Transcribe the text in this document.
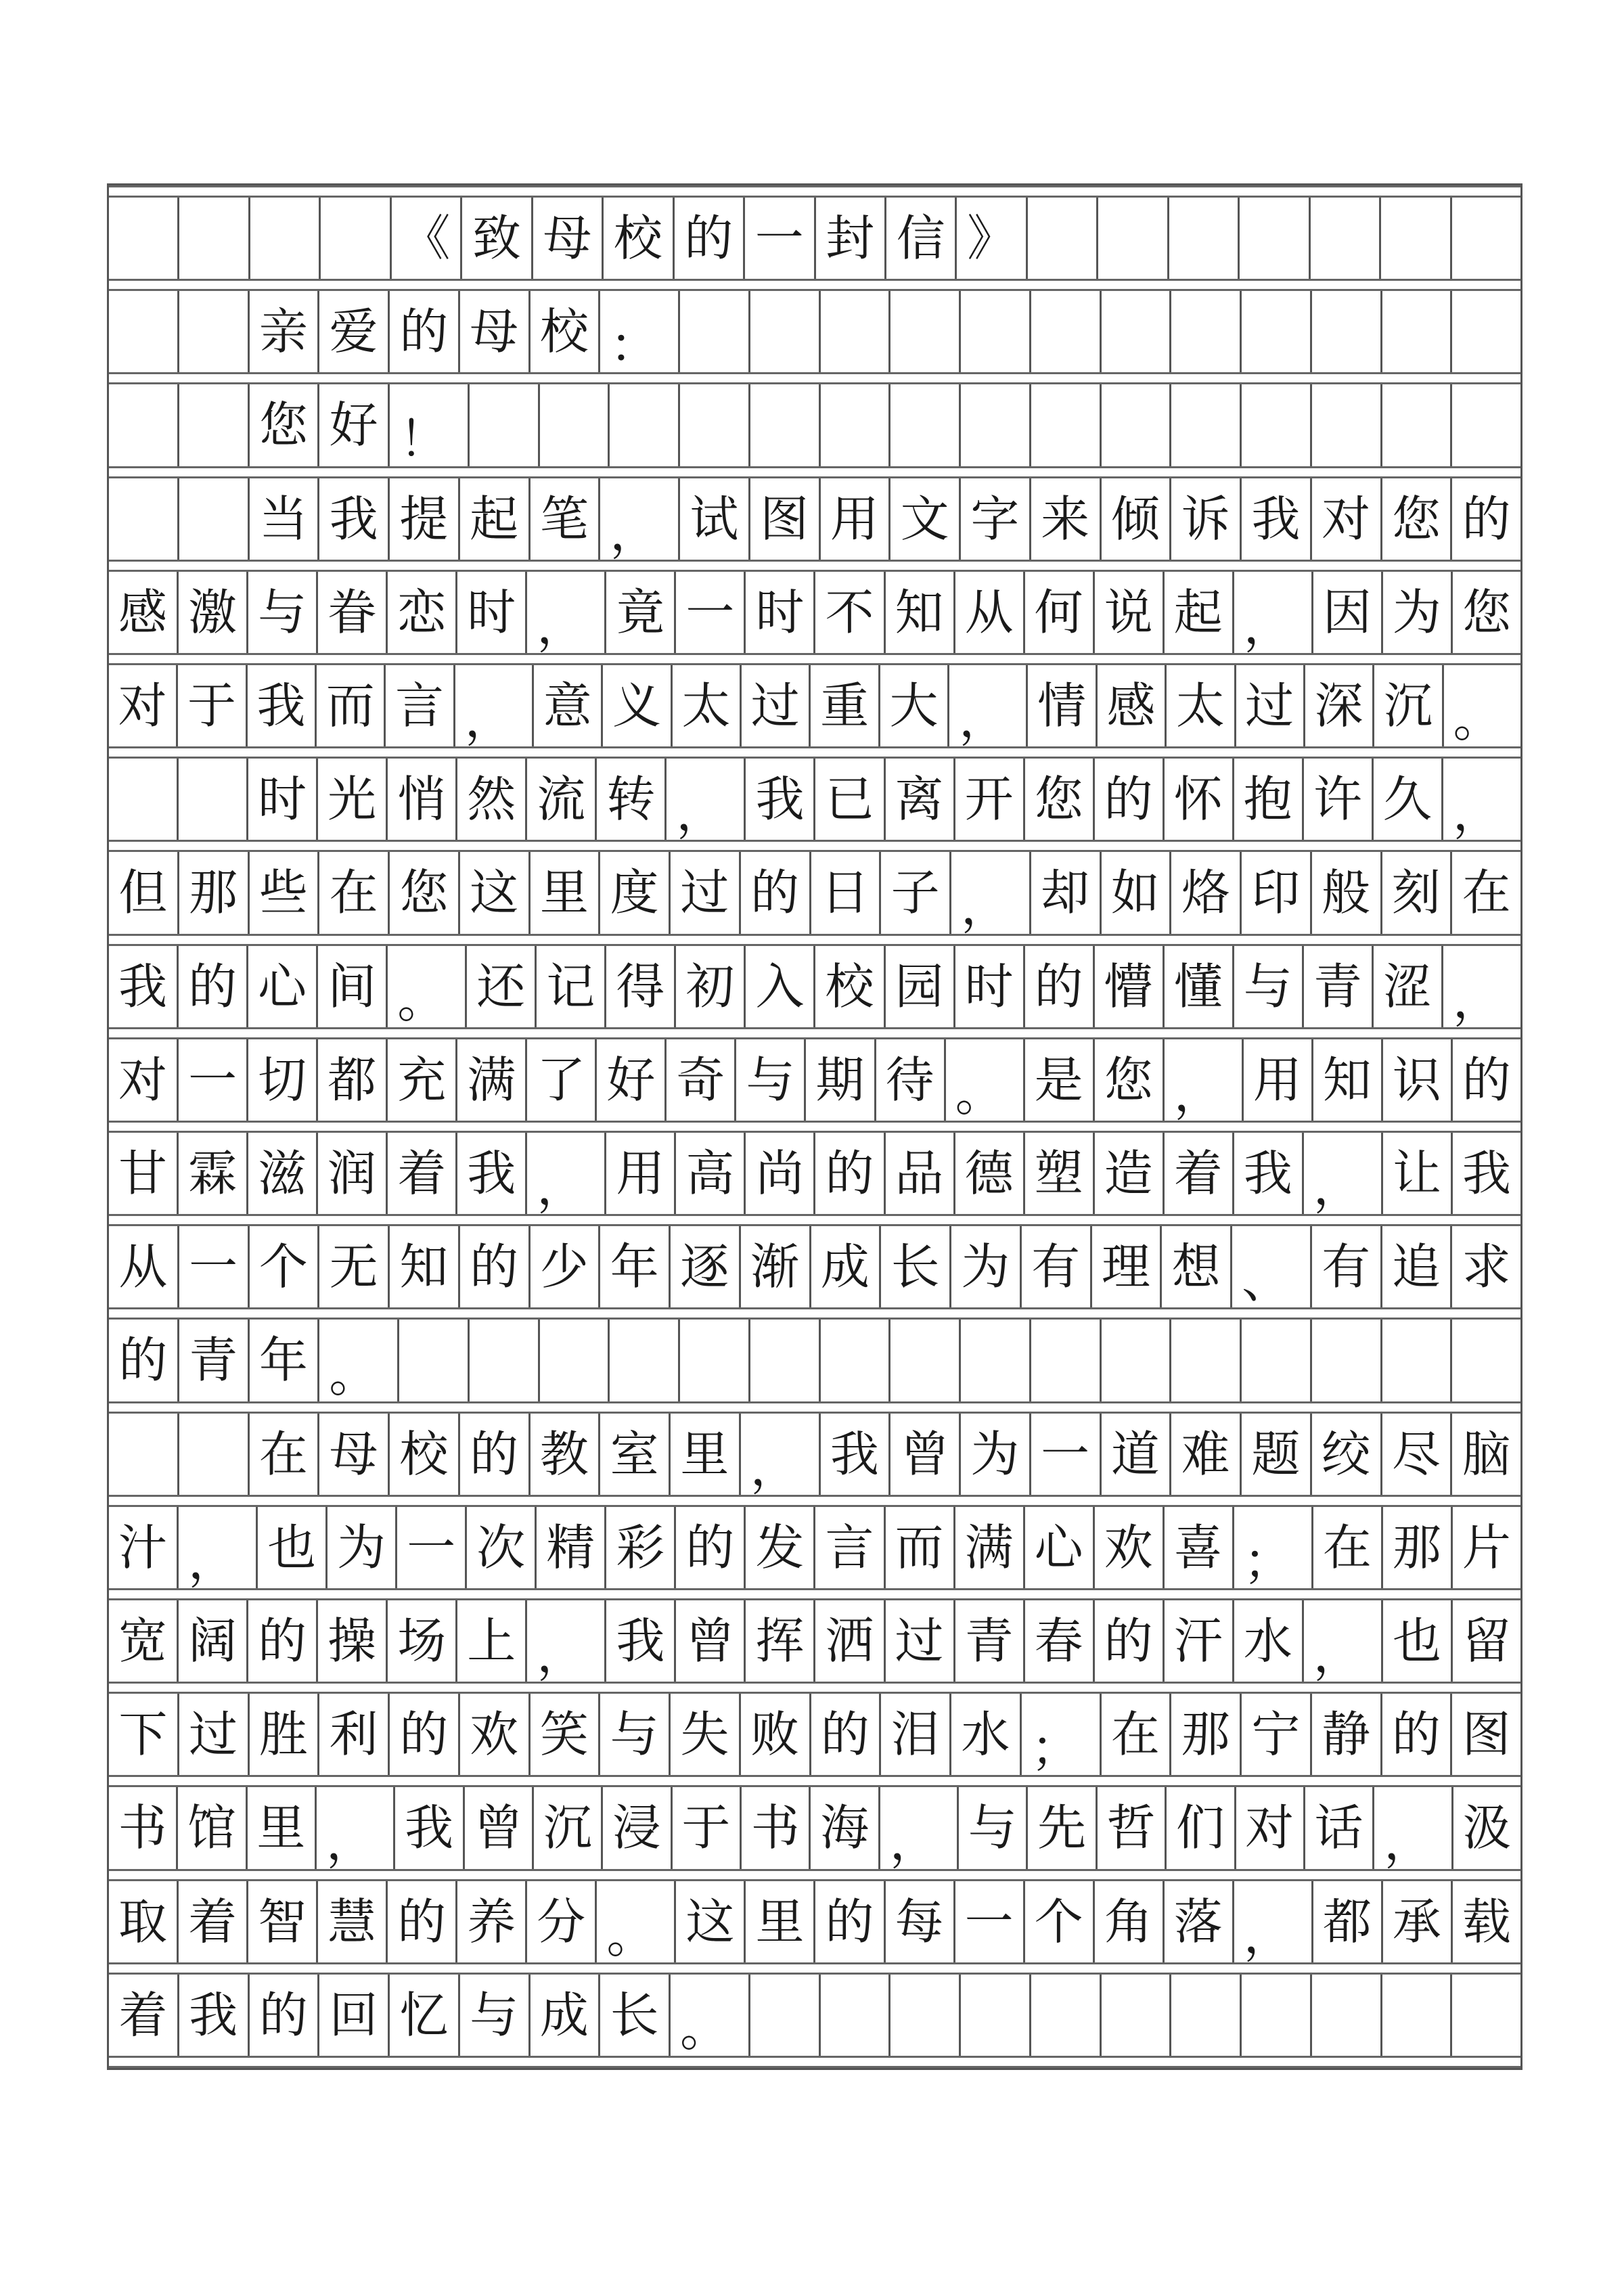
《 致 母 校 的 一 封 信 》
亲 爱 的 母 校 ：
您 好 ！
当 我 提 起 笔 ， 试 图 用 文 字 来 倾 诉 我 对 您 的
感 激 与 眷 恋 时 ， 竟 一 时 不 知 从 何 说 起 ， 因 为 您
对 于 我 而 言 ， 意 义 太 过 重 大 ， 情 感 太 过 深 沉 。
时 光 悄 然 流 转 ， 我 已 离 开 您 的 怀 抱 许 久 ，
但 那 些 在 您 这 里 度 过 的 日 子 ， 却 如 烙 印 般 刻 在
我 的 心 间 。 还 记 得 初 入 校 园 时 的 懵 懂 与 青 涩 ，
对 一 切 都 充 满 了 好 奇 与 期 待 。 是 您 ， 用 知 识 的
甘 霖 滋 润 着 我 ， 用 高 尚 的 品 德 塑 造 着 我 ， 让 我
从 一 个 无 知 的 少 年 逐 渐 成 长 为 有 理 想 、 有 追 求
的 青 年 。
在 母 校 的 教 室 里 ， 我 曾 为 一 道 难 题 绞 尽 脑
汁 ， 也 为 一 次 精 彩 的 发 言 而 满 心 欢 喜 ； 在 那 片
宽 阔 的 操 场 上 ， 我 曾 挥 洒 过 青 春 的 汗 水 ， 也 留
下 过 胜 利 的 欢 笑 与 失 败 的 泪 水 ； 在 那 宁 静 的 图
书 馆 里 ， 我 曾 沉 浸 于 书 海 ， 与 先 哲 们 对 话 ， 汲
取 着 智 慧 的 养 分 。 这 里 的 每 一 个 角 落 ， 都 承 载
着 我 的 回 忆 与 成 长 。
